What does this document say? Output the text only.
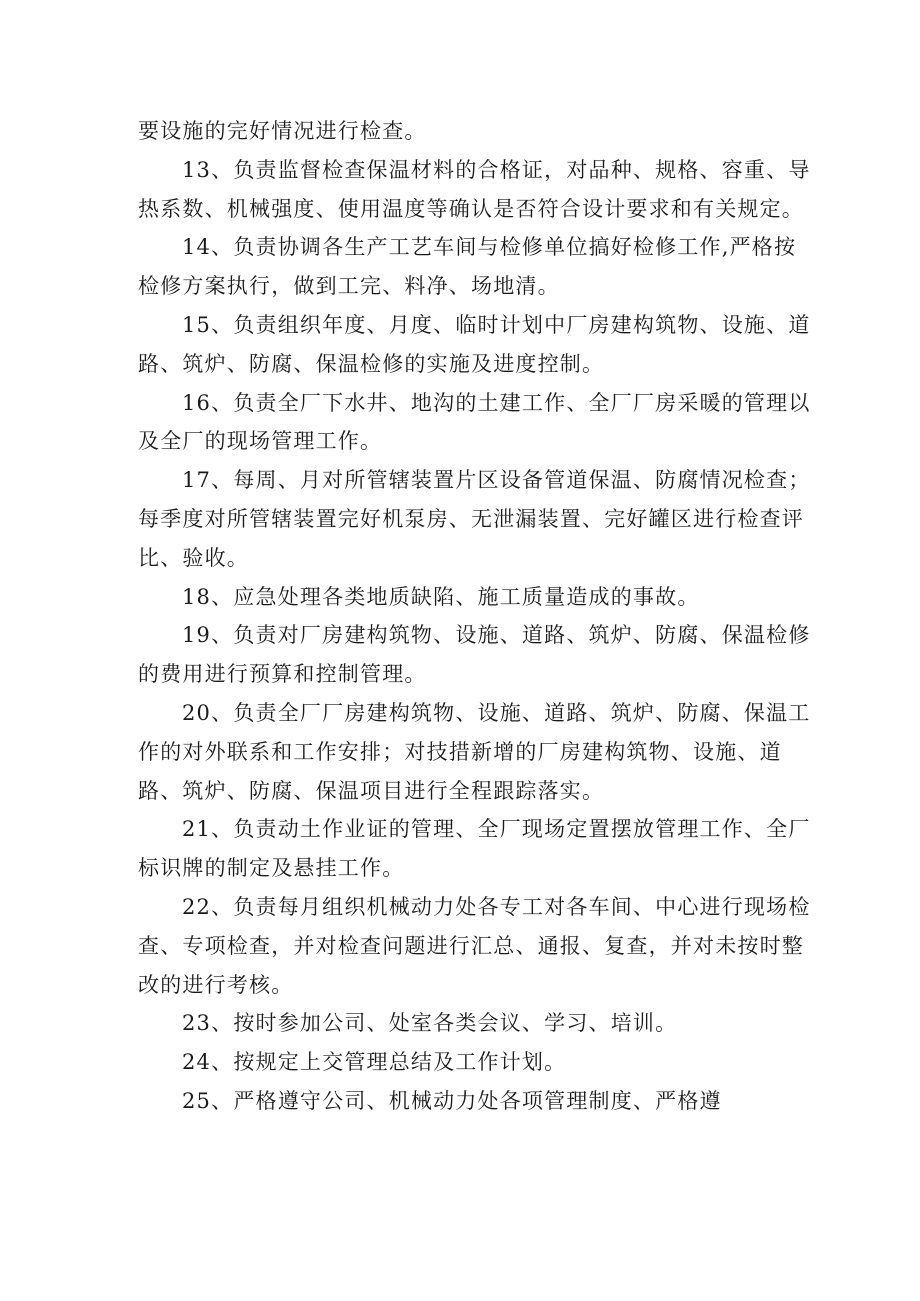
要设施的完好情况进行检查。

13、负责监督检查保温材料的合格证，对品种、规格、容重、导热系数、机械强度、使用温度等确认是否符合设计要求和有关规定。

14、负责协调各生产工艺车间与检修单位搞好检修工作,严格按检修方案执行，做到工完、料净、场地清。

15、负责组织年度、月度、临时计划中厂房建构筑物、设施、道路、筑炉、防腐、保温检修的实施及进度控制。

16、负责全厂下水井、地沟的土建工作、全厂厂房采暖的管理以及全厂的现场管理工作。

17、每周、月对所管辖装置片区设备管道保温、防腐情况检查；每季度对所管辖装置完好机泵房、无泄漏装置、完好罐区进行检查评比、验收。

18、应急处理各类地质缺陷、施工质量造成的事故。

19、负责对厂房建构筑物、设施、道路、筑炉、防腐、保温检修的费用进行预算和控制管理。

20、负责全厂厂房建构筑物、设施、道路、筑炉、防腐、保温工作的对外联系和工作安排；对技措新增的厂房建构筑物、设施、道路、筑炉、防腐、保温项目进行全程跟踪落实。

21、负责动土作业证的管理、全厂现场定置摆放管理工作、全厂标识牌的制定及悬挂工作。

22、负责每月组织机械动力处各专工对各车间、中心进行现场检查、专项检查，并对检查问题进行汇总、通报、复查，并对未按时整改的进行考核。

23、按时参加公司、处室各类会议、学习、培训。

24、按规定上交管理总结及工作计划。

25、严格遵守公司、机械动力处各项管理制度、严格遵
